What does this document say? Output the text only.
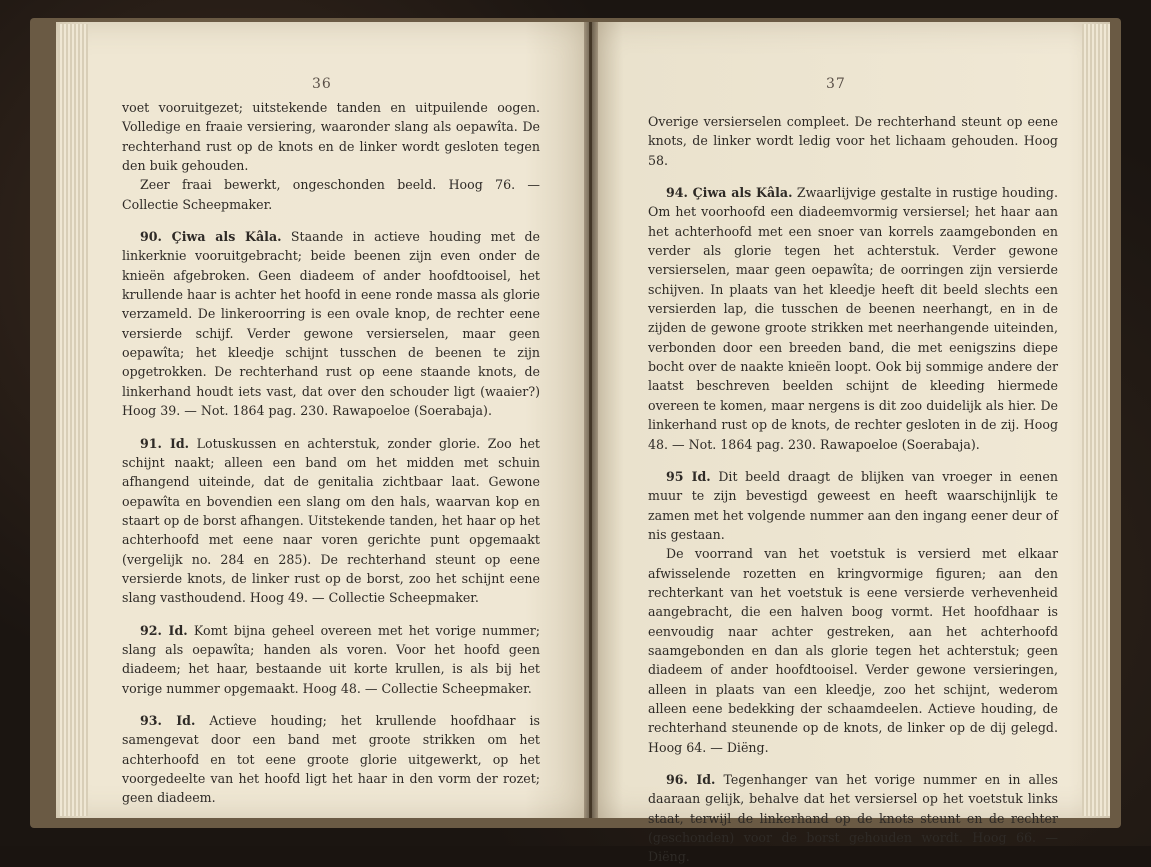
36	37

voet vooruitgezet; uitstekende tanden en uitpuilende oogen. Volledige en fraaie versiering, waaronder slang als oepawîta. De rechterhand rust op de knots en de linker wordt gesloten tegen den buik gehouden.

Zeer fraai bewerkt, ongeschonden beeld. Hoog 76. — Collectie Scheepmaker.

90. Çiwa als Kâla. Staande in actieve houding met de linkerknie vooruitgebracht; beide beenen zijn even onder de knieën afgebroken. Geen diadeem of ander hoofdtooisel, het krullende haar is achter het hoofd in eene ronde massa als glorie verzameld. De linkeroorring is een ovale knop, de rechter eene versierde schijf. Verder gewone versierselen, maar geen oepawîta; het kleedje schijnt tusschen de beenen te zijn opgetrokken. De rechterhand rust op eene staande knots, de linkerhand houdt iets vast, dat over den schouder ligt (waaier?) Hoog 39. — Not. 1864 pag. 230. Rawapoeloe (Soerabaja).

91. Id. Lotuskussen en achterstuk, zonder glorie. Zoo het schijnt naakt; alleen een band om het midden met schuin afhangend uiteinde, dat de genitalia zichtbaar laat. Gewone oepawîta en bovendien een slang om den hals, waarvan kop en staart op de borst afhangen. Uitstekende tanden, het haar op het achterhoofd met eene naar voren gerichte punt opgemaakt (vergelijk no. 284 en 285). De rechterhand steunt op eene versierde knots, de linker rust op de borst, zoo het schijnt eene slang vasthoudend. Hoog 49. — Collectie Scheepmaker.

92. Id. Komt bijna geheel overeen met het vorige nummer; slang als oepawîta; handen als voren. Voor het hoofd geen diadeem; het haar, bestaande uit korte krullen, is als bij het vorige nummer opgemaakt. Hoog 48. — Collectie Scheepmaker.

93. Id. Actieve houding; het krullende hoofdhaar is samengevat door een band met groote strikken om het achterhoofd en tot eene groote glorie uitgewerkt, op het voorgedeelte van het hoofd ligt het haar in den vorm der rozet; geen diadeem.

Overige versierselen compleet. De rechterhand steunt op eene knots, de linker wordt ledig voor het lichaam gehouden. Hoog 58.

94. Çiwa als Kâla. Zwaarlijvige gestalte in rustige houding. Om het voorhoofd een diadeemvormig versiersel; het haar aan het achterhoofd met een snoer van korrels zaamgebonden en verder als glorie tegen het achterstuk. Verder gewone versierselen, maar geen oepawîta; de oorringen zijn versierde schijven. In plaats van het kleedje heeft dit beeld slechts een versierden lap, die tusschen de beenen neerhangt, en in de zijden de gewone groote strikken met neerhangende uiteinden, verbonden door een breeden band, die met eenigszins diepe bocht over de naakte knieën loopt. Ook bij sommige andere der laatst beschreven beelden schijnt de kleeding hiermede overeen te komen, maar nergens is dit zoo duidelijk als hier. De linkerhand rust op de knots, de rechter gesloten in de zij. Hoog 48. — Not. 1864 pag. 230. Rawapoeloe (Soerabaja).

95 Id. Dit beeld draagt de blijken van vroeger in eenen muur te zijn bevestigd geweest en heeft waarschijnlijk te zamen met het volgende nummer aan den ingang eener deur of nis gestaan.

De voorrand van het voetstuk is versierd met elkaar afwisselende rozetten en kringvormige figuren; aan den rechterkant van het voetstuk is eene versierde verhevenheid aangebracht, die een halven boog vormt. Het hoofdhaar is eenvoudig naar achter gestreken, aan het achterhoofd saamgebonden en dan als glorie tegen het achterstuk; geen diadeem of ander hoofdtooisel. Verder gewone versieringen, alleen in plaats van een kleedje, zoo het schijnt, wederom alleen eene bedekking der schaamdeelen. Actieve houding, de rechterhand steunende op de knots, de linker op de dij gelegd. Hoog 64. — Diëng.

96. Id. Tegenhanger van het vorige nummer en in alles daaraan gelijk, behalve dat het versiersel op het voetstuk links staat, terwijl de linkerhand op de knots steunt en de rechter (geschonden) voor de borst gehouden wordt. Hoog 66. — Diëng.
